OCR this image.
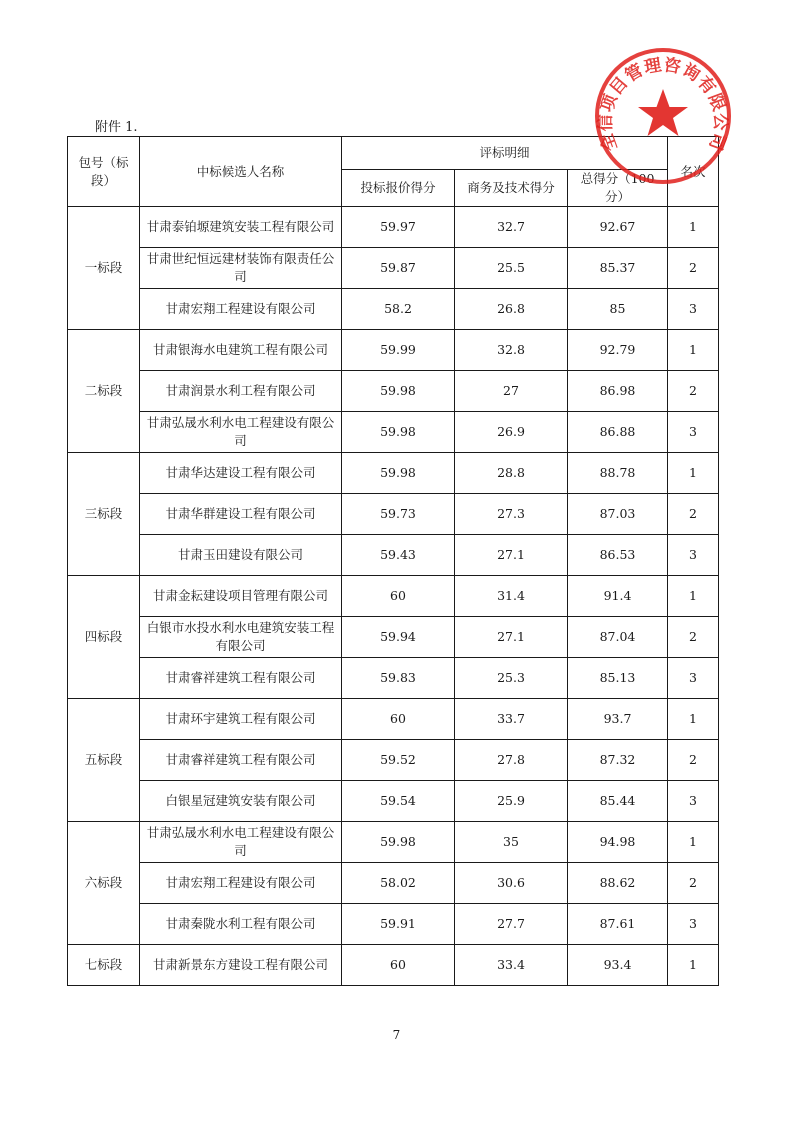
附件 1.
包号（标段）	中标候选人名称	评标明细			名次
		投标报价得分	商务及技术得分	总得分（100 分）	
一标段	甘肃泰铂塬建筑安装工程有限公司	59.97	32.7	92.67	1
	甘肃世纪恒远建材装饰有限责任公司	59.87	25.5	85.37	2
	甘肃宏翔工程建设有限公司	58.2	26.8	85	3
二标段	甘肃银海水电建筑工程有限公司	59.99	32.8	92.79	1
	甘肃润景水利工程有限公司	59.98	27	86.98	2
	甘肃弘晟水利水电工程建设有限公司	59.98	26.9	86.88	3
三标段	甘肃华达建设工程有限公司	59.98	28.8	88.78	1
	甘肃华群建设工程有限公司	59.73	27.3	87.03	2
	甘肃玉田建设有限公司	59.43	27.1	86.53	3
四标段	甘肃金耘建设项目管理有限公司	60	31.4	91.4	1
	白银市水投水利水电建筑安装工程有限公司	59.94	27.1	87.04	2
	甘肃睿祥建筑工程有限公司	59.83	25.3	85.13	3
五标段	甘肃环宇建筑工程有限公司	60	33.7	93.7	1
	甘肃睿祥建筑工程有限公司	59.52	27.8	87.32	2
	白银星冠建筑安装有限公司	59.54	25.9	85.44	3
六标段	甘肃弘晟水利水电工程建设有限公司	59.98	35	94.98	1
	甘肃宏翔工程建设有限公司	58.02	30.6	88.62	2
	甘肃秦陇水利工程有限公司	59.91	27.7	87.61	3
七标段	甘肃新景东方建设工程有限公司	60	33.4	93.4	1
7
全信项目管理咨询有限公司
